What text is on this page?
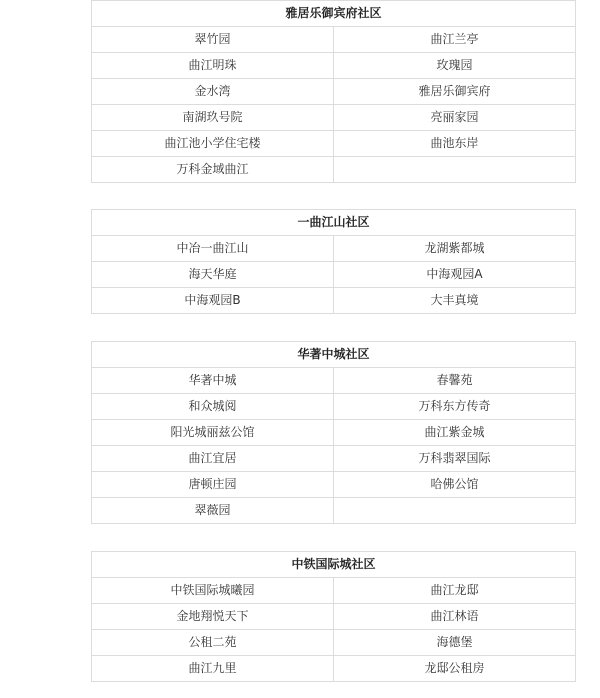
雅居乐御宾府社区	
翠竹园	曲江兰亭
曲江明珠	玫瑰园
金水湾	雅居乐御宾府
南湖玖号院	亮丽家园
曲江池小学住宅楼	曲池东岸
万科金域曲江	
一曲江山社区	
中冶一曲江山	龙湖紫都城
海天华庭	中海观园A
中海观园B	大丰真境
华著中城社区	
华著中城	春馨苑
和众城阅	万科东方传奇
阳光城丽兹公馆	曲江紫金城
曲江宜居	万科翡翠国际
唐顿庄园	哈佛公馆
翠薇园	
中铁国际城社区	
中铁国际城曦园	曲江龙邸
金地翔悦天下	曲江林语
公租二苑	海德堡
曲江九里	龙邸公租房
